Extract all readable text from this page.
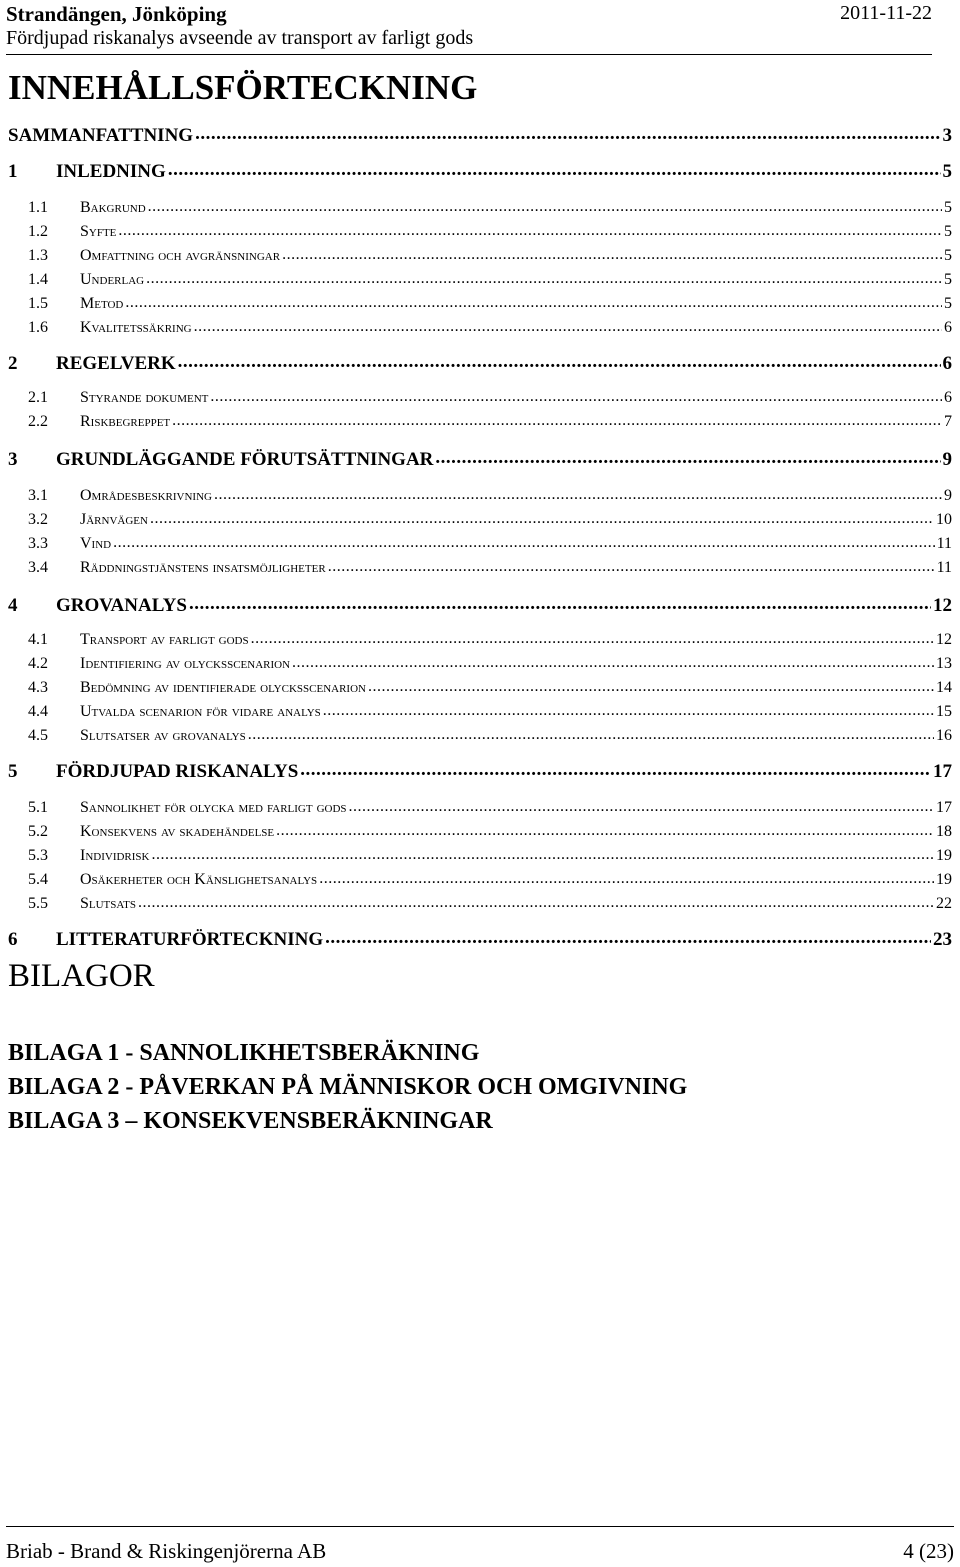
Strandängen, Jönköping	2011-11-22
Fördjupad riskanalys avseende av transport av farligt gods
INNEHÅLLSFÖRTECKNING
SAMMANFATTNING .....	3
1	INLEDNING .....	5
1.1	Bakgrund .....	5
1.2	Syfte .....	5
1.3	Omfattning och avgränsningar .....	5
1.4	Underlag .....	5
1.5	Metod .....	5
1.6	Kvalitetssäkring .....	6
2	REGELVERK .....	6
2.1	Styrande dokument .....	6
2.2	Riskbegreppet .....	7
3	GRUNDLÄGGANDE FÖRUTSÄTTNINGAR .....	9
3.1	Områdesbeskrivning .....	9
3.2	Järnvägen .....	10
3.3	Vind .....	11
3.4	Räddningstjänstens insatsmöjligheter .....	11
4	GROVANALYS .....	12
4.1	Transport av farligt gods .....	12
4.2	Identifiering av olycksscenarion .....	13
4.3	Bedömning av identifierade olycksscenarion .....	14
4.4	Utvalda scenarion för vidare analys .....	15
4.5	Slutsatser av grovanalys .....	16
5	FÖRDJUPAD RISKANALYS .....	17
5.1	Sannolikhet för olycka med farligt gods .....	17
5.2	Konsekvens av skadehändelse .....	18
5.3	Individrisk .....	19
5.4	Osäkerheter och Känslighetsanalys .....	19
5.5	Slutsats .....	22
6	LITTERATURFÖRTECKNING .....	23
BILAGOR
BILAGA 1 - SANNOLIKHETSBERÄKNING
BILAGA 2 - PÅVERKAN PÅ MÄNNISKOR OCH OMGIVNING
BILAGA 3 – KONSEKVENSBERÄKNINGAR
Briab - Brand & Riskingenjörerna AB	4 (23)
